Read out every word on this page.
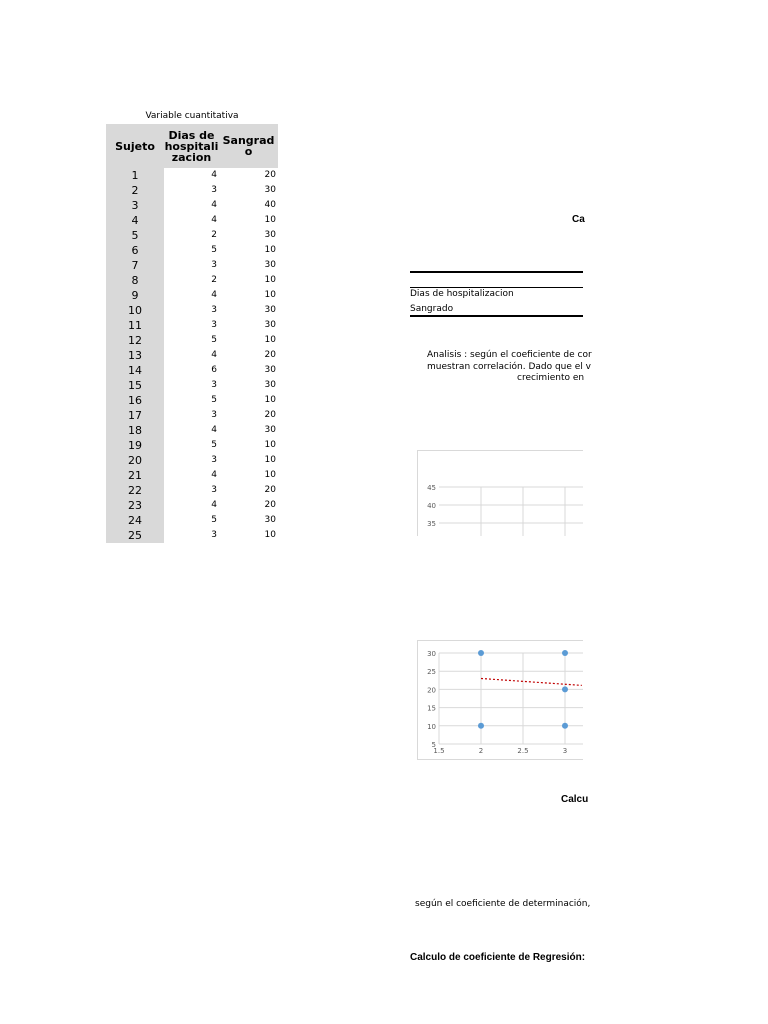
Variable cuantitativa
Sujeto	Dias de hospitali zacion	Sangrad o
1	4	20
2	3	30
3	4	40
4	4	10
5	2	30
6	5	10
7	3	30
8	2	10
9	4	10
10	3	30
11	3	30
12	5	10
13	4	20
14	6	30
15	3	30
16	5	10
17	3	20
18	4	30
19	5	10
20	3	10
21	4	10
22	3	20
23	4	20
24	5	30
25	3	10
Ca
Dias de hospitalizacion
Sangrado
Analisis : según el coeficiente de cor
muestran correlación. Dado que el v
crecimiento en
45
40
35
30
25
20
15
10
5
1.5	2	2.5	3
Calcu
según el coeficiente de determinación,
Calculo de coeficiente de Regresión:
